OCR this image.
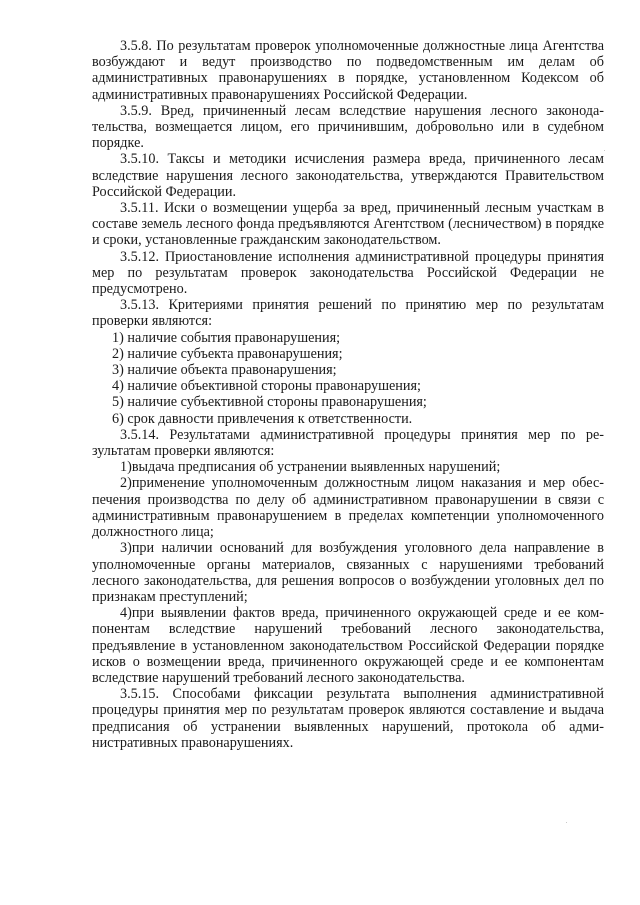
3.5.8. По результатам проверок уполномоченные должностные лица Агентства возбуждают и ведут производство по подведомственным им делам об административных правонарушениях в порядке, установленном Кодексом об административных правонарушениях Российской Федерации.

3.5.9. Вред, причиненный лесам вследствие нарушения лесного законодательства, возмещается лицом, его причинившим, добровольно или в судебном порядке.

3.5.10. Таксы и методики исчисления размера вреда, причиненного лесам вследствие нарушения лесного законодательства, утверждаются Правительством Российской Федерации.

3.5.11. Иски о возмещении ущерба за вред, причиненный лесным участкам в составе земель лесного фонда предъявляются Агентством (лесничеством) в порядке и сроки, установленные гражданским законодательством.

3.5.12. Приостановление исполнения административной процедуры принятия мер по результатам проверок законодательства Российской Федерации не предусмотрено.

3.5.13. Критериями принятия решений по принятию мер по результатам проверки являются:

1) наличие события правонарушения;
2) наличие субъекта правонарушения;
3) наличие объекта правонарушения;
4) наличие объективной стороны правонарушения;
5) наличие субъективной стороны правонарушения;
6) срок давности привлечения к ответственности.

3.5.14. Результатами административной процедуры принятия мер по результатам проверки являются:

1)выдача предписания об устранении выявленных нарушений;
2)применение уполномоченным должностным лицом наказания и мер обеспечения производства по делу об административном правонарушении в связи с административным правонарушением в пределах компетенции уполномоченного должностного лица;
3)при наличии оснований для возбуждения уголовного дела направление в уполномоченные органы материалов, связанных с нарушениями требований лесного законодательства, для решения вопросов о возбуждении уголовных дел по признакам преступлений;
4)при выявлении фактов вреда, причиненного окружающей среде и ее компонентам вследствие нарушений требований лесного законодательства, предъявление в установленном законодательством Российской Федерации порядке исков о возмещении вреда, причиненного окружающей среде и ее компонентам вследствие нарушений требований лесного законодательства.

3.5.15. Способами фиксации результата выполнения административной процедуры принятия мер по результатам проверок являются составление и выдача предписания об устранении выявленных нарушений, протокола об административных правонарушениях.
